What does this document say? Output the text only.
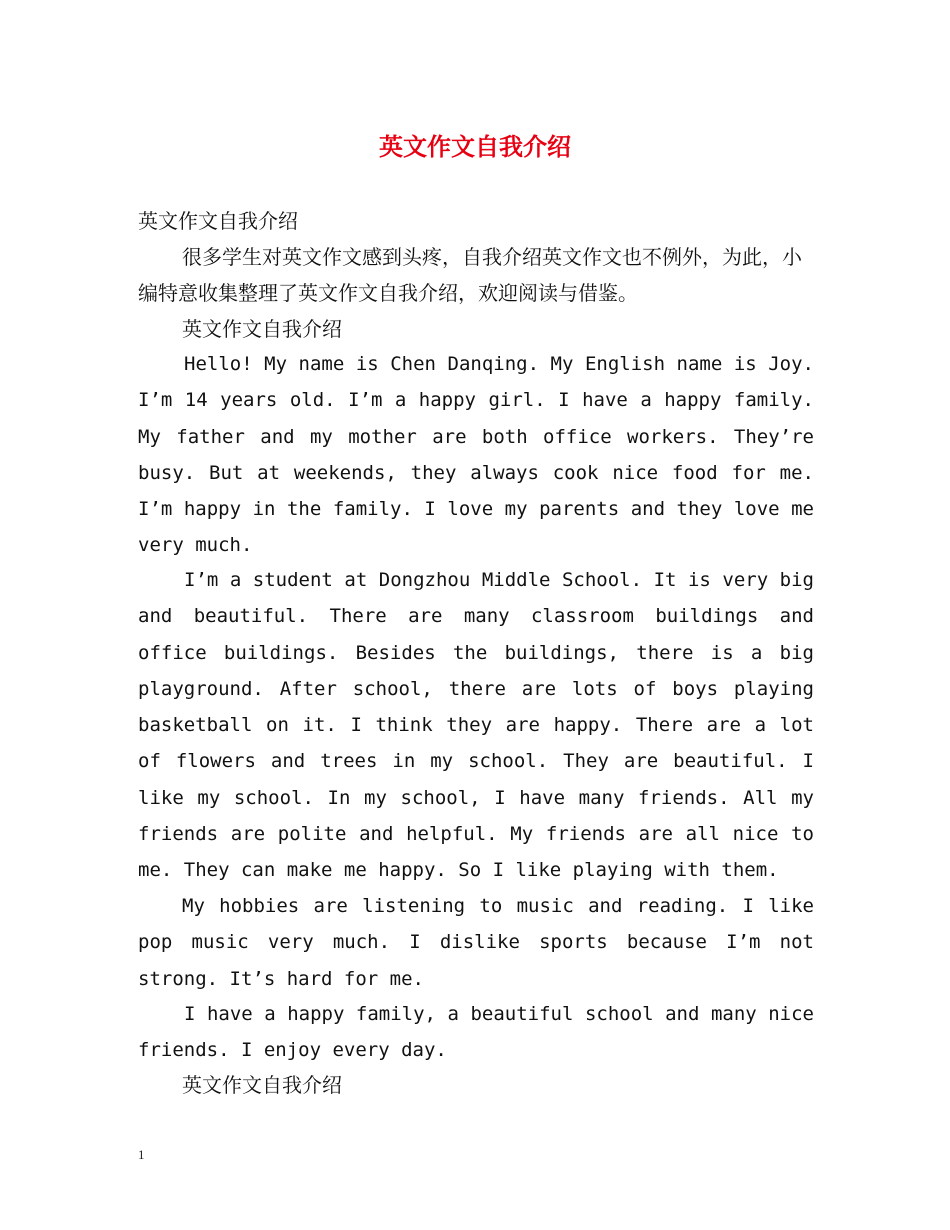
英文作文自我介绍
英文作文自我介绍
很多学生对英文作文感到头疼，自我介绍英文作文也不例外，为此，小编特意收集整理了英文作文自我介绍，欢迎阅读与借鉴。
英文作文自我介绍
Hello! My name is Chen Danqing. My English name is Joy. I’m 14 years old. I’m a happy girl. I have a happy family. My father and my mother are both office workers. They’re busy. But at weekends, they always cook nice food for me. I’m happy in the family. I love my parents and they love me very much.
I’m a student at Dongzhou Middle School. It is very big and beautiful. There are many classroom buildings and office buildings. Besides the buildings, there is a big playground. After school, there are lots of boys playing basketball on it. I think they are happy. There are a lot of flowers and trees in my school. They are beautiful. I like my school. In my school, I have many friends. All my friends are polite and helpful. My friends are all nice to me. They can make me happy. So I like playing with them.
My hobbies are listening to music and reading. I like pop music very much. I dislike sports because I’m not strong. It’s hard for me.
I have a happy family, a beautiful school and many nice friends. I enjoy every day.
英文作文自我介绍
1
